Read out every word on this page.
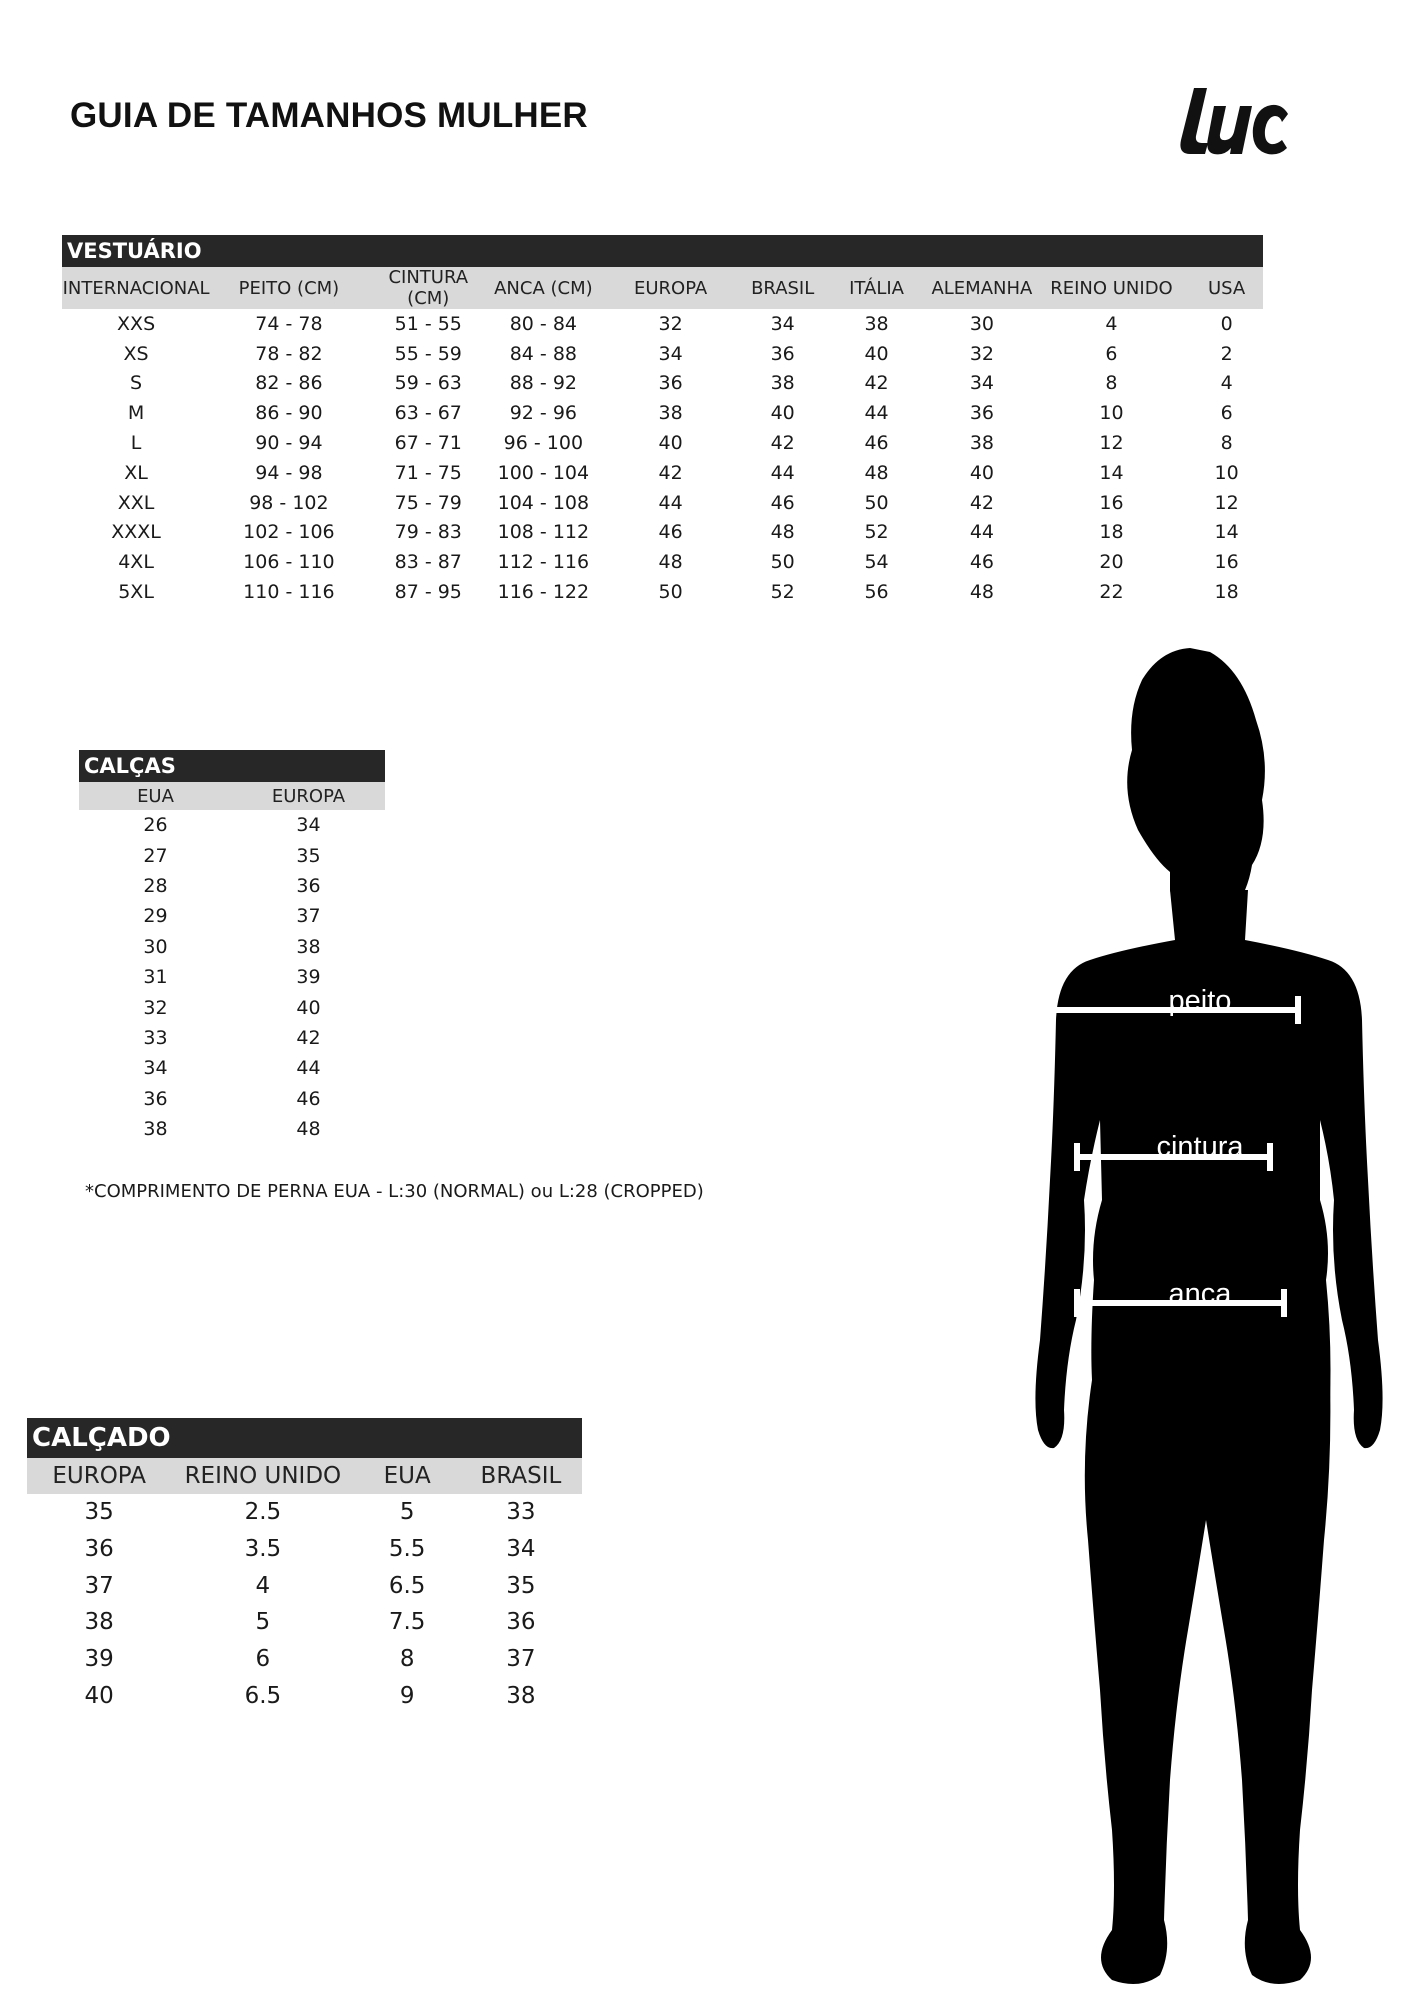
GUIA DE TAMANHOS MULHER
VESTUÁRIO									
INTERNACIONAL	PEITO (CM)	CINTURA (CM)	ANCA (CM)	EUROPA	BRASIL	ITÁLIA	ALEMANHA	REINO UNIDO	USA
XXS	74 - 78	51 - 55	80 - 84	32	34	38	30	4	0
XS	78 - 82	55 - 59	84 - 88	34	36	40	32	6	2
S	82 - 86	59 - 63	88 - 92	36	38	42	34	8	4
M	86 - 90	63 - 67	92 - 96	38	40	44	36	10	6
L	90 - 94	67 - 71	96 - 100	40	42	46	38	12	8
XL	94 - 98	71 - 75	100 - 104	42	44	48	40	14	10
XXL	98 - 102	75 - 79	104 - 108	44	46	50	42	16	12
XXXL	102 - 106	79 - 83	108 - 112	46	48	52	44	18	14
4XL	106 - 110	83 - 87	112 - 116	48	50	54	46	20	16
5XL	110 - 116	87 - 95	116 - 122	50	52	56	48	22	18
CALÇAS	
EUA	EUROPA
26	34
27	35
28	36
29	37
30	38
31	39
32	40
33	42
34	44
36	46
38	48
*COMPRIMENTO DE PERNA EUA - L:30 (NORMAL) ou L:28 (CROPPED)
CALÇADO			
EUROPA	REINO UNIDO	EUA	BRASIL
35	2.5	5	33
36	3.5	5.5	34
37	4	6.5	35
38	5	7.5	36
39	6	8	37
40	6.5	9	38
peito
cintura
anca
